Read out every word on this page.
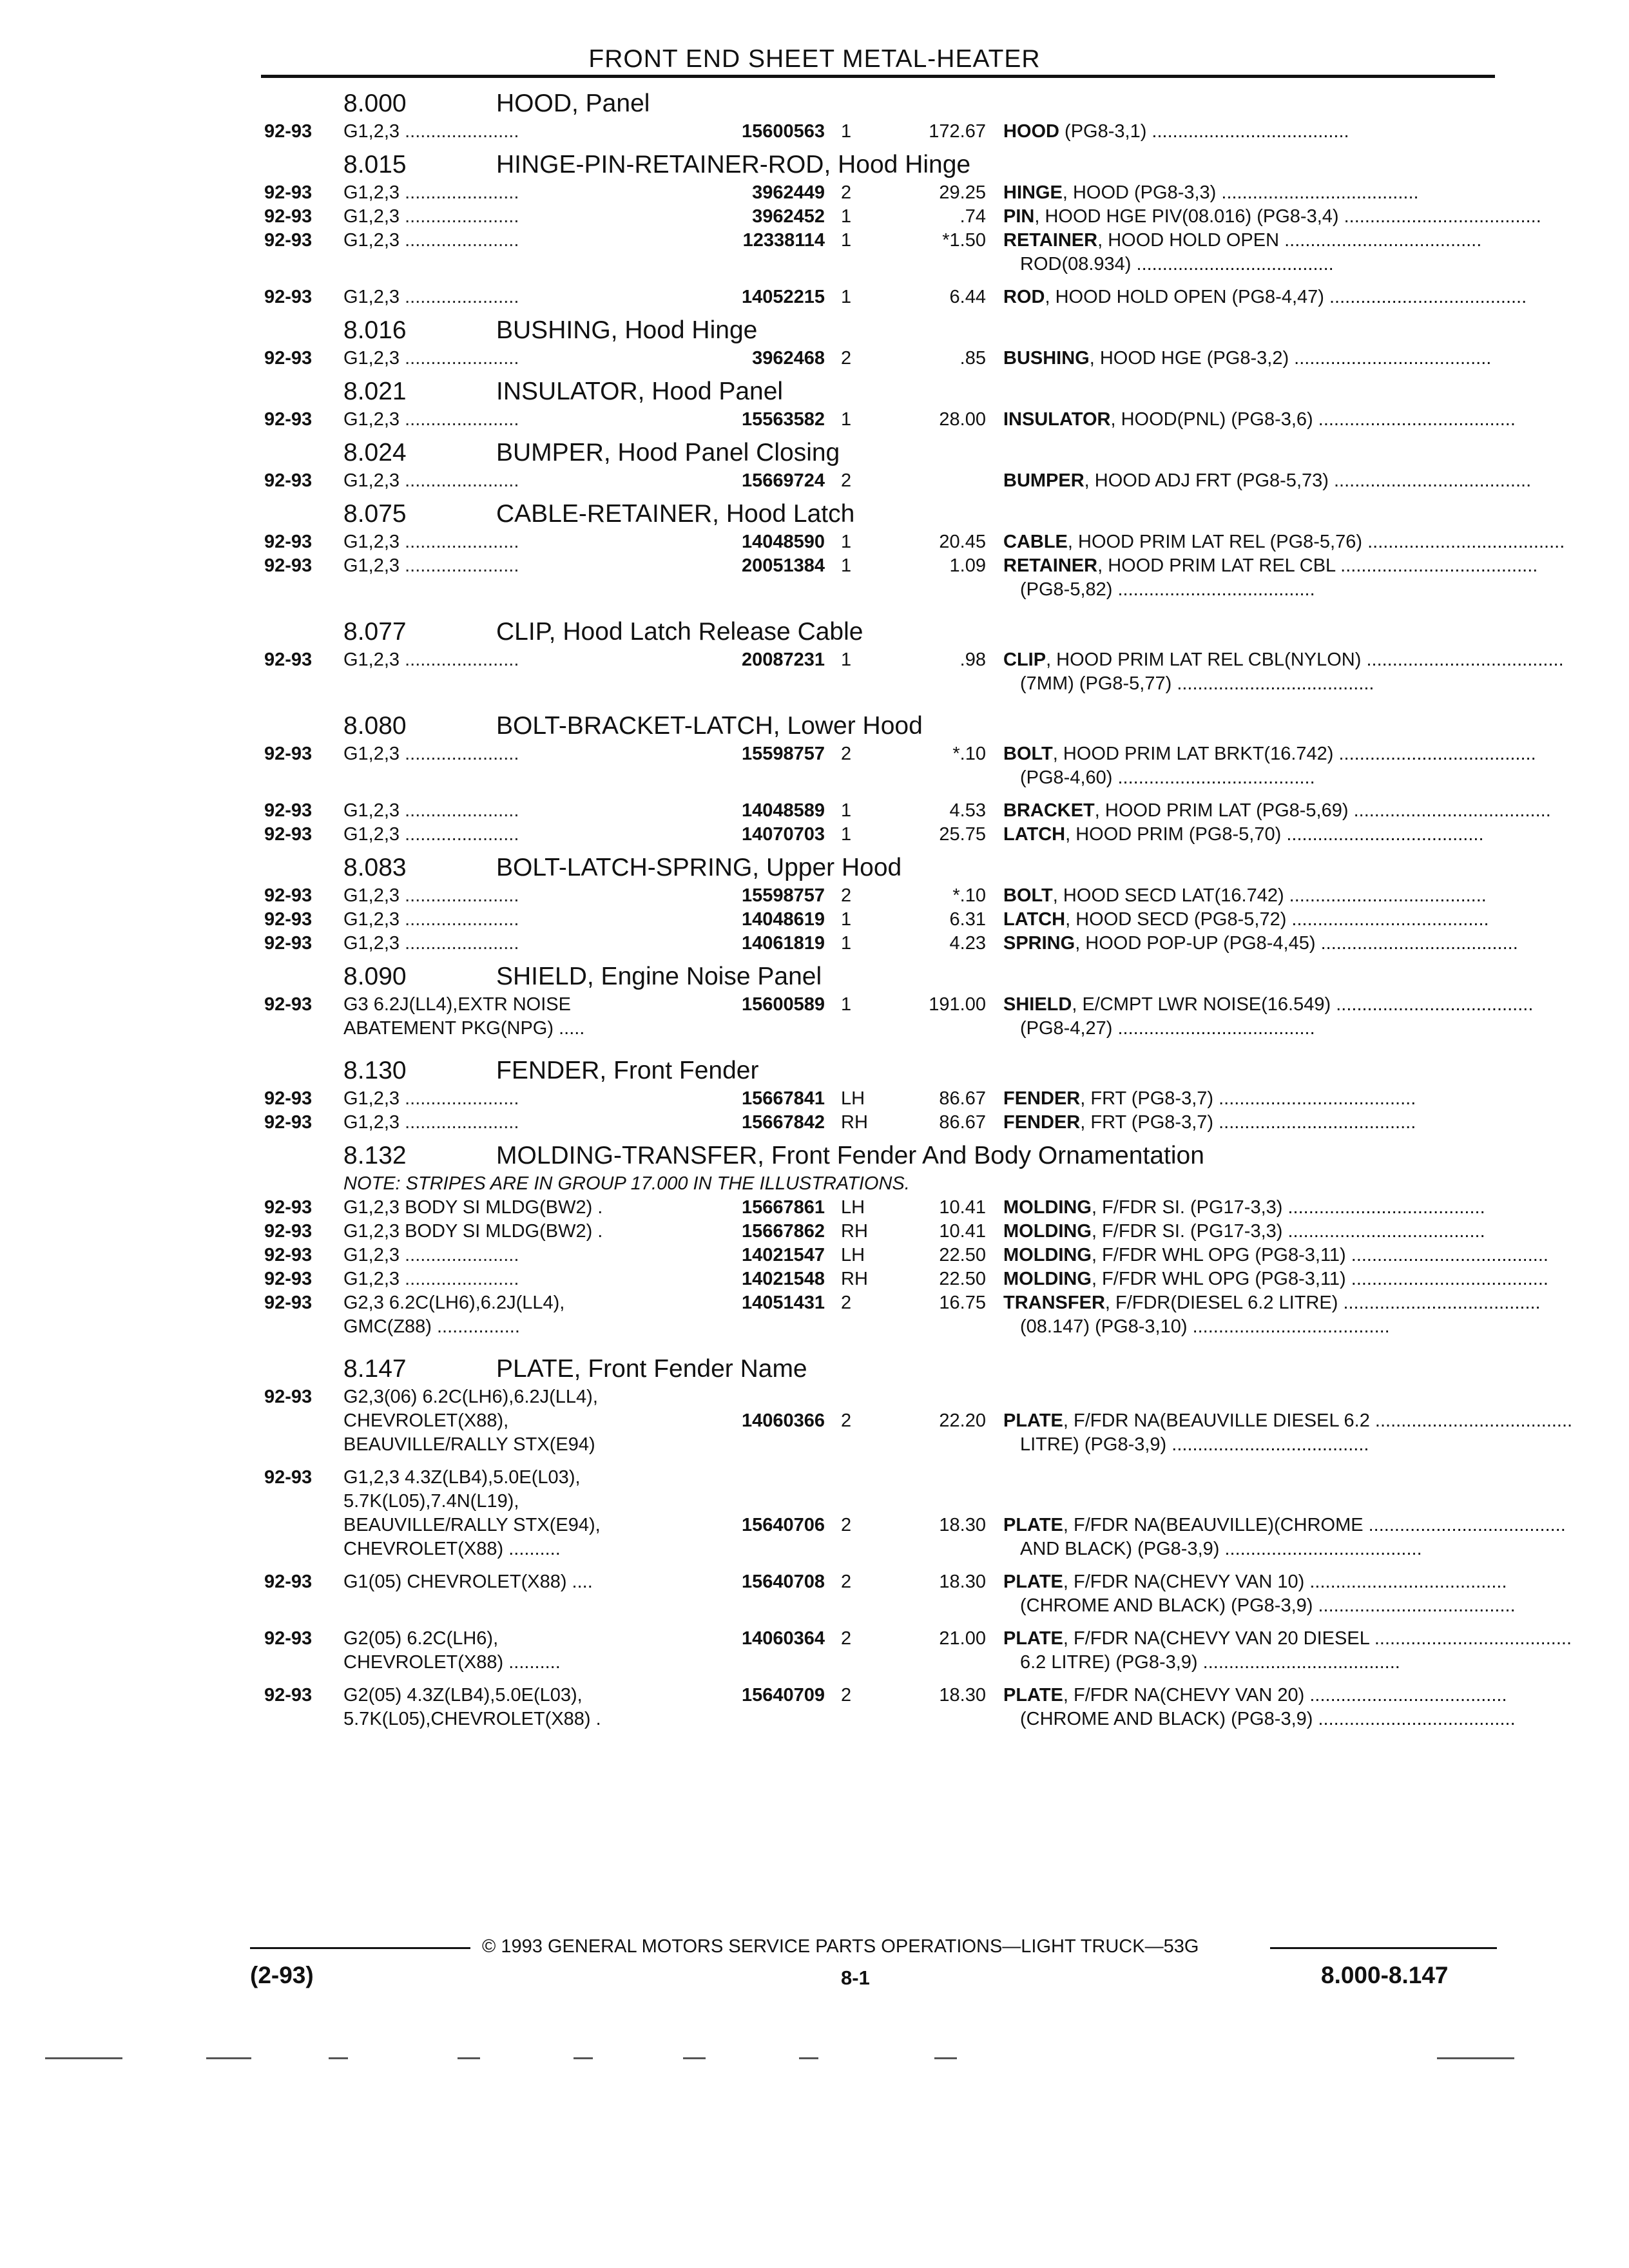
FRONT END SHEET METAL-HEATER
8.000	HOOD, Panel
92-93 G1,2,3 ......................	15600563 1	172.67 HOOD (PG8-3,1) ......................................
8.015	HINGE-PIN-RETAINER-ROD, Hood Hinge
92-93 G1,2,3 ......................	3962449 2	29.25 HINGE, HOOD (PG8-3,3) ......................................
92-93 G1,2,3 ......................	3962452 1	.74 PIN, HOOD HGE PIV(08.016) (PG8-3,4) ......................................
92-93 G1,2,3 ......................	12338114 1	*1.50 RETAINER, HOOD HOLD OPEN ......................................
ROD(08.934) ......................................
92-93 G1,2,3 ......................	14052215 1	6.44 ROD, HOOD HOLD OPEN (PG8-4,47) ......................................
8.016	BUSHING, Hood Hinge
92-93 G1,2,3 ......................	3962468 2	.85 BUSHING, HOOD HGE (PG8-3,2) ......................................
8.021	INSULATOR, Hood Panel
92-93 G1,2,3 ......................	15563582 1	28.00 INSULATOR, HOOD(PNL) (PG8-3,6) ......................................
8.024	BUMPER, Hood Panel Closing
92-93 G1,2,3 ......................	15669724 2	BUMPER, HOOD ADJ FRT (PG8-5,73) ......................................
8.075	CABLE-RETAINER, Hood Latch
92-93 G1,2,3 ......................	14048590 1	20.45 CABLE, HOOD PRIM LAT REL (PG8-5,76) ......................................
92-93 G1,2,3 ......................	20051384 1	1.09 RETAINER, HOOD PRIM LAT REL CBL ......................................
(PG8-5,82) ......................................
8.077	CLIP, Hood Latch Release Cable
92-93 G1,2,3 ......................	20087231 1	.98 CLIP, HOOD PRIM LAT REL CBL(NYLON) ......................................
(7MM) (PG8-5,77) ......................................
8.080	BOLT-BRACKET-LATCH, Lower Hood
92-93 G1,2,3 ......................	15598757 2	*.10 BOLT, HOOD PRIM LAT BRKT(16.742) ......................................
(PG8-4,60) ......................................
92-93 G1,2,3 ......................	14048589 1	4.53 BRACKET, HOOD PRIM LAT (PG8-5,69) ......................................
92-93 G1,2,3 ......................	14070703 1	25.75 LATCH, HOOD PRIM (PG8-5,70) ......................................
8.083	BOLT-LATCH-SPRING, Upper Hood
92-93 G1,2,3 ......................	15598757 2	*.10 BOLT, HOOD SECD LAT(16.742) ......................................
92-93 G1,2,3 ......................	14048619 1	6.31 LATCH, HOOD SECD (PG8-5,72) ......................................
92-93 G1,2,3 ......................	14061819 1	4.23 SPRING, HOOD POP-UP (PG8-4,45) ......................................
8.090	SHIELD, Engine Noise Panel
92-93 G3 6.2J(LL4),EXTR NOISE	15600589 1	191.00 SHIELD, E/CMPT LWR NOISE(16.549) ......................................
ABATEMENT PKG(NPG) .....	(PG8-4,27) ......................................
8.130	FENDER, Front Fender
92-93 G1,2,3 ......................	15667841 LH	86.67 FENDER, FRT (PG8-3,7) ......................................
92-93 G1,2,3 ......................	15667842 RH	86.67 FENDER, FRT (PG8-3,7) ......................................
8.132	MOLDING-TRANSFER, Front Fender And Body Ornamentation
NOTE: STRIPES ARE IN GROUP 17.000 IN THE ILLUSTRATIONS.
92-93 G1,2,3 BODY SI MLDG(BW2) .	15667861 LH	10.41 MOLDING, F/FDR SI. (PG17-3,3) ......................................
92-93 G1,2,3 BODY SI MLDG(BW2) .	15667862 RH	10.41 MOLDING, F/FDR SI. (PG17-3,3) ......................................
92-93 G1,2,3 ......................	14021547 LH	22.50 MOLDING, F/FDR WHL OPG (PG8-3,11) ......................................
92-93 G1,2,3 ......................	14021548 RH	22.50 MOLDING, F/FDR WHL OPG (PG8-3,11) ......................................
92-93 G2,3 6.2C(LH6),6.2J(LL4),	14051431 2	16.75 TRANSFER, F/FDR(DIESEL 6.2 LITRE) ......................................
GMC(Z88) ................	(08.147) (PG8-3,10) ......................................
8.147	PLATE, Front Fender Name
92-93 G2,3(06) 6.2C(LH6),6.2J(LL4),
CHEVROLET(X88),	14060366 2	22.20 PLATE, F/FDR NA(BEAUVILLE DIESEL 6.2 ......................................
BEAUVILLE/RALLY STX(E94)	LITRE) (PG8-3,9) ......................................
92-93 G1,2,3 4.3Z(LB4),5.0E(L03),
5.7K(L05),7.4N(L19),
BEAUVILLE/RALLY STX(E94),	15640706 2	18.30 PLATE, F/FDR NA(BEAUVILLE)(CHROME ......................................
CHEVROLET(X88) ..........	AND BLACK) (PG8-3,9) ......................................
92-93 G1(05) CHEVROLET(X88) ....	15640708 2	18.30 PLATE, F/FDR NA(CHEVY VAN 10) ......................................
(CHROME AND BLACK) (PG8-3,9) ......................................
92-93 G2(05) 6.2C(LH6),	14060364 2	21.00 PLATE, F/FDR NA(CHEVY VAN 20 DIESEL ......................................
CHEVROLET(X88) ..........	6.2 LITRE) (PG8-3,9) ......................................
92-93 G2(05) 4.3Z(LB4),5.0E(L03),	15640709 2	18.30 PLATE, F/FDR NA(CHEVY VAN 20) ......................................
5.7K(L05),CHEVROLET(X88) .	(CHROME AND BLACK) (PG8-3,9) ......................................
© 1993 GENERAL MOTORS SERVICE PARTS OPERATIONS—LIGHT TRUCK—53G
(2-93)	8-1	8.000-8.147
